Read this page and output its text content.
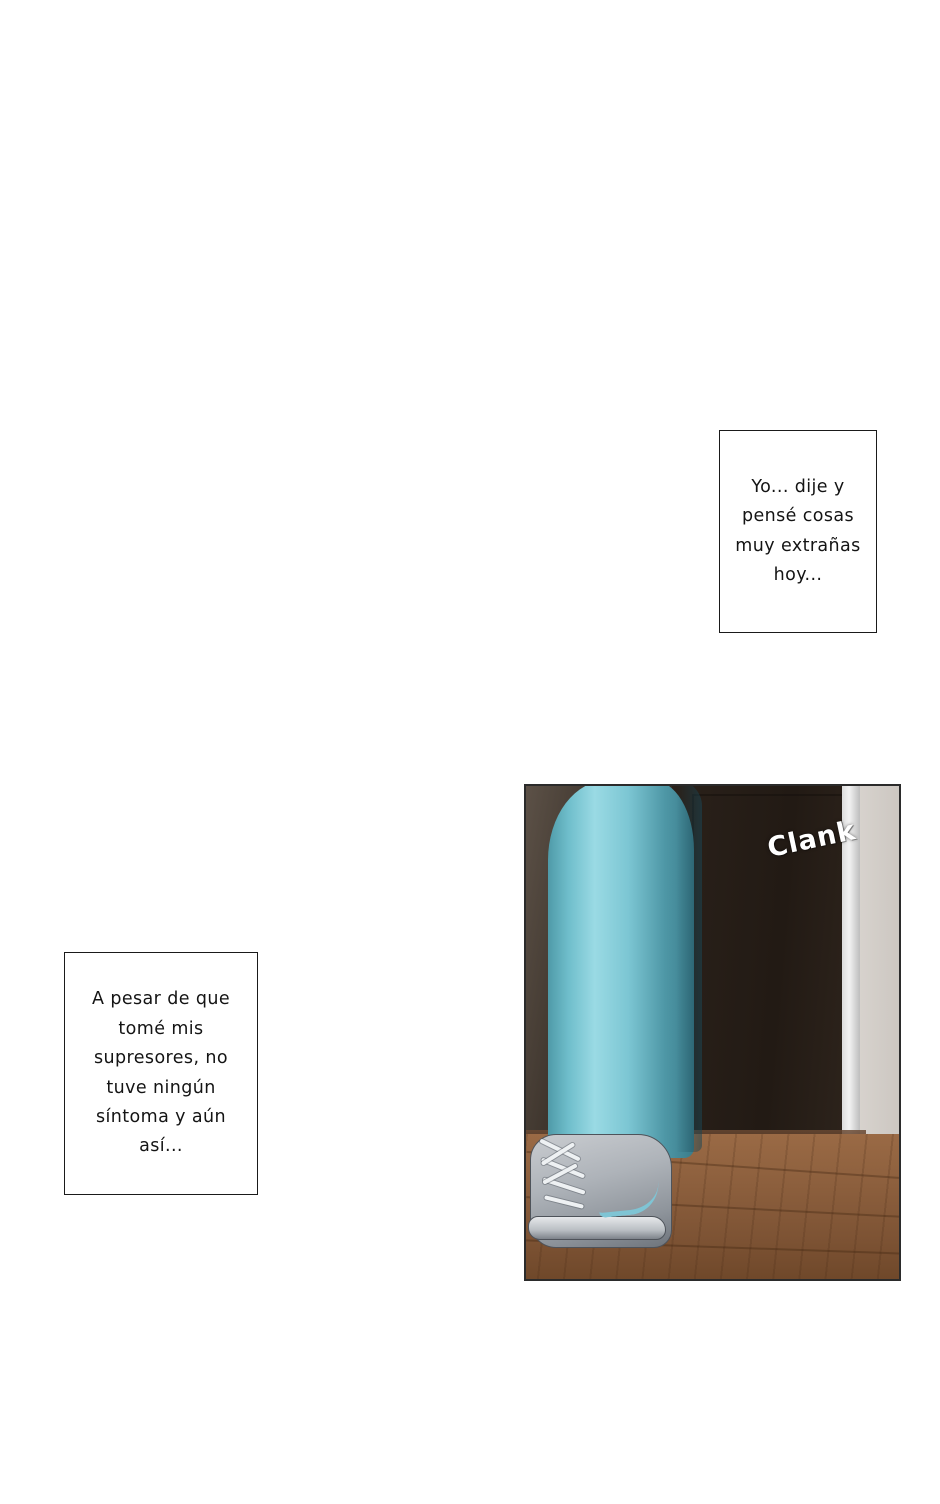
Yo... dije y pensé cosas muy extrañas hoy...
A pesar de que tomé mis supresores, no tuve ningún síntoma y aún así...
Clank
